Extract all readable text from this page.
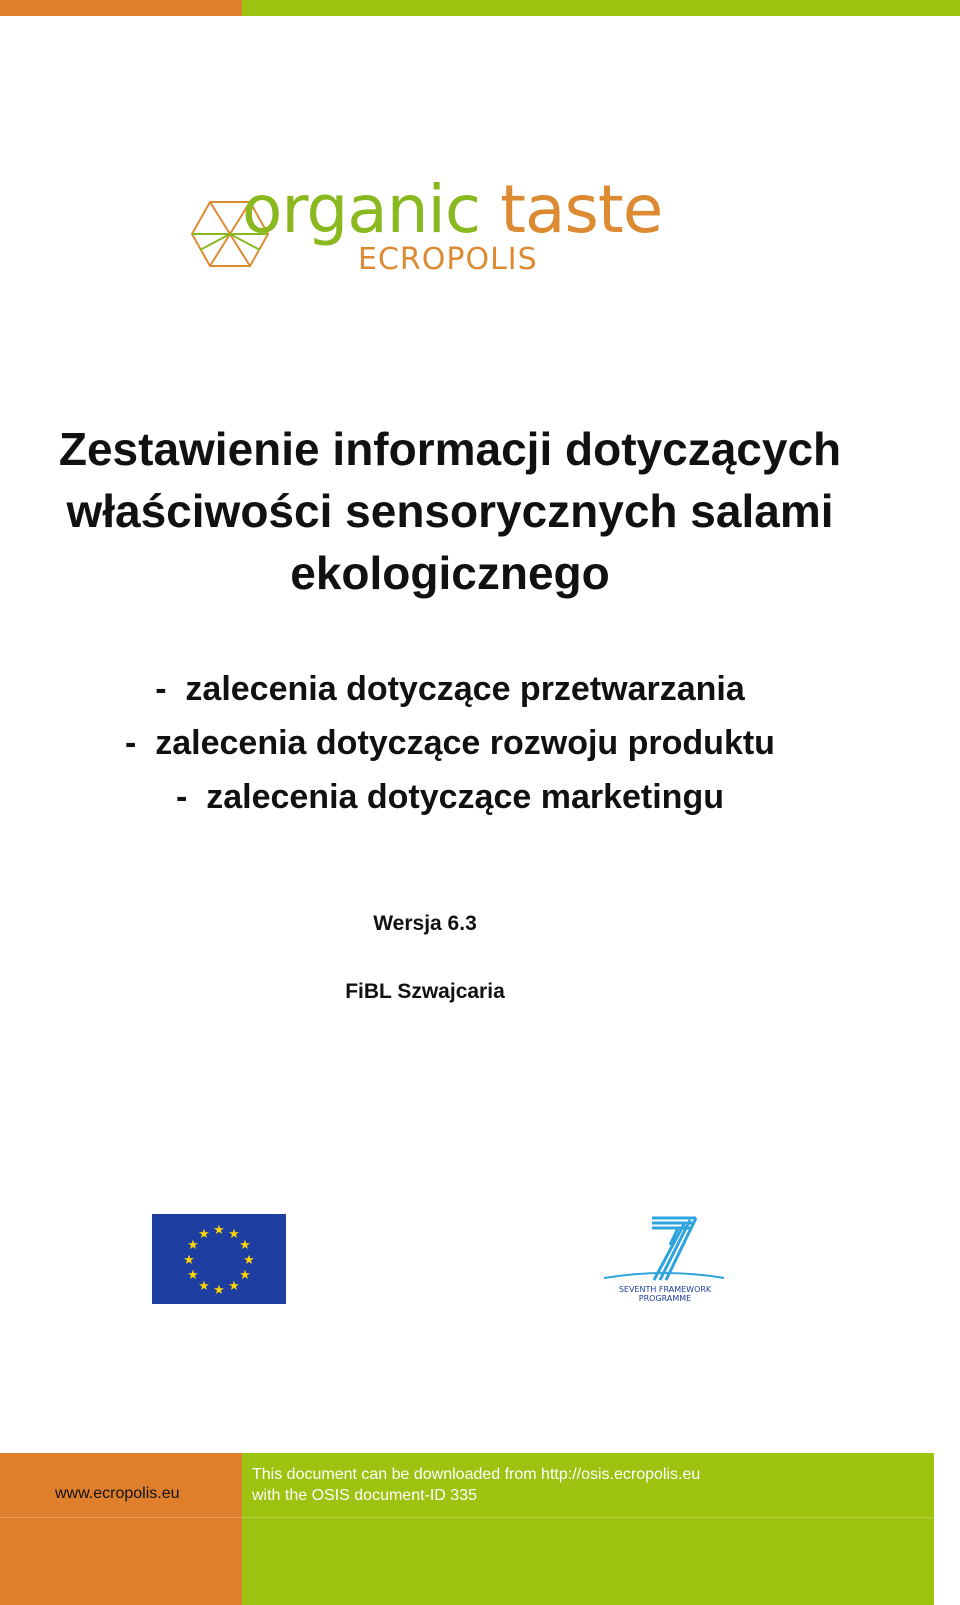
organic taste
ECROPOLIS
Zestawienie informacji dotyczących
właściwości sensorycznych salami
ekologicznego
-  zalecenia dotyczące przetwarzania
-  zalecenia dotyczące rozwoju produktu
-  zalecenia dotyczące marketingu
Wersja 6.3
FiBL Szwajcaria
★ ★
★
★
★
★
★
★
★
★
★
★
SEVENTH FRAMEWORK
PROGRAMME
www.ecropolis.eu
This document can be downloaded from http://osis.ecropolis.eu
with the OSIS document-ID 335
